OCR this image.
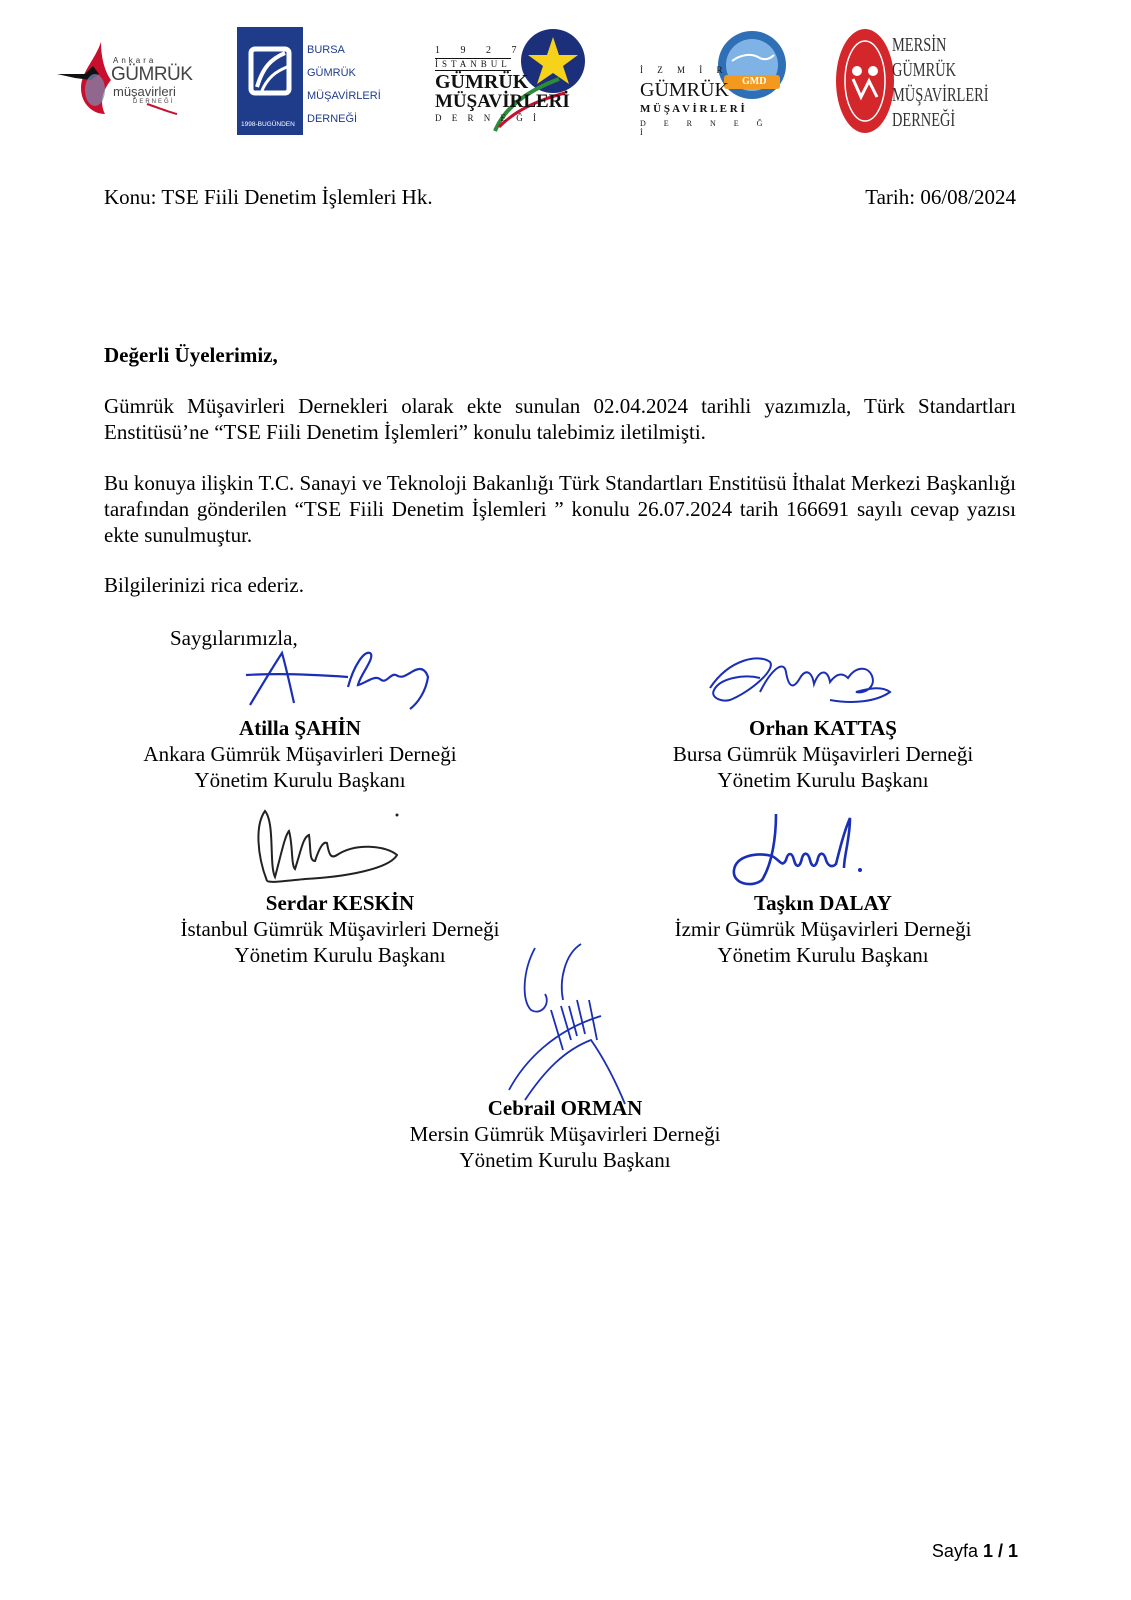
Ankara
GÜMRÜK
müşavirleri
DERNEĞİ
1998-BUGÜNDEN
BURSA
GÜMRÜK
MÜŞAVİRLERİ
DERNEĞİ
1 9 2 7
İSTANBUL
GÜMRÜK
MÜŞAVİRLERİ
D E R N E Ğ İ
GMD
İ Z M İ R
GÜMRÜK
M Ü Ş A V İ R L E R İ
D E R N E Ğ İ
MERSİN
GÜMRÜK
MÜŞAVİRLERİ
DERNEĞİ
Konu: TSE Fiili Denetim İşlemleri Hk.	Tarih: 06/08/2024
Değerli Üyelerimiz,
Gümrük Müşavirleri Dernekleri olarak ekte sunulan 02.04.2024 tarihli yazımızla, Türk Standartları Enstitüsü’ne “TSE Fiili Denetim İşlemleri” konulu talebimiz iletilmişti.
Bu konuya ilişkin T.C. Sanayi ve Teknoloji Bakanlığı Türk Standartları Enstitüsü İthalat Merkezi Başkanlığı tarafından gönderilen “TSE Fiili Denetim İşlemleri ” konulu 26.07.2024 tarih 166691 sayılı cevap yazısı ekte sunulmuştur.
Bilgilerinizi rica ederiz.
Saygılarımızla,
Atilla ŞAHİN
Ankara Gümrük Müşavirleri Derneği
Yönetim Kurulu Başkanı
Orhan KATTAŞ
Bursa Gümrük Müşavirleri Derneği
Yönetim Kurulu Başkanı
Serdar KESKİN
İstanbul Gümrük Müşavirleri Derneği
Yönetim Kurulu Başkanı
Taşkın DALAY
İzmir Gümrük Müşavirleri Derneği
Yönetim Kurulu Başkanı
Cebrail ORMAN
Mersin Gümrük Müşavirleri Derneği
Yönetim Kurulu Başkanı
Sayfa 1 / 1
